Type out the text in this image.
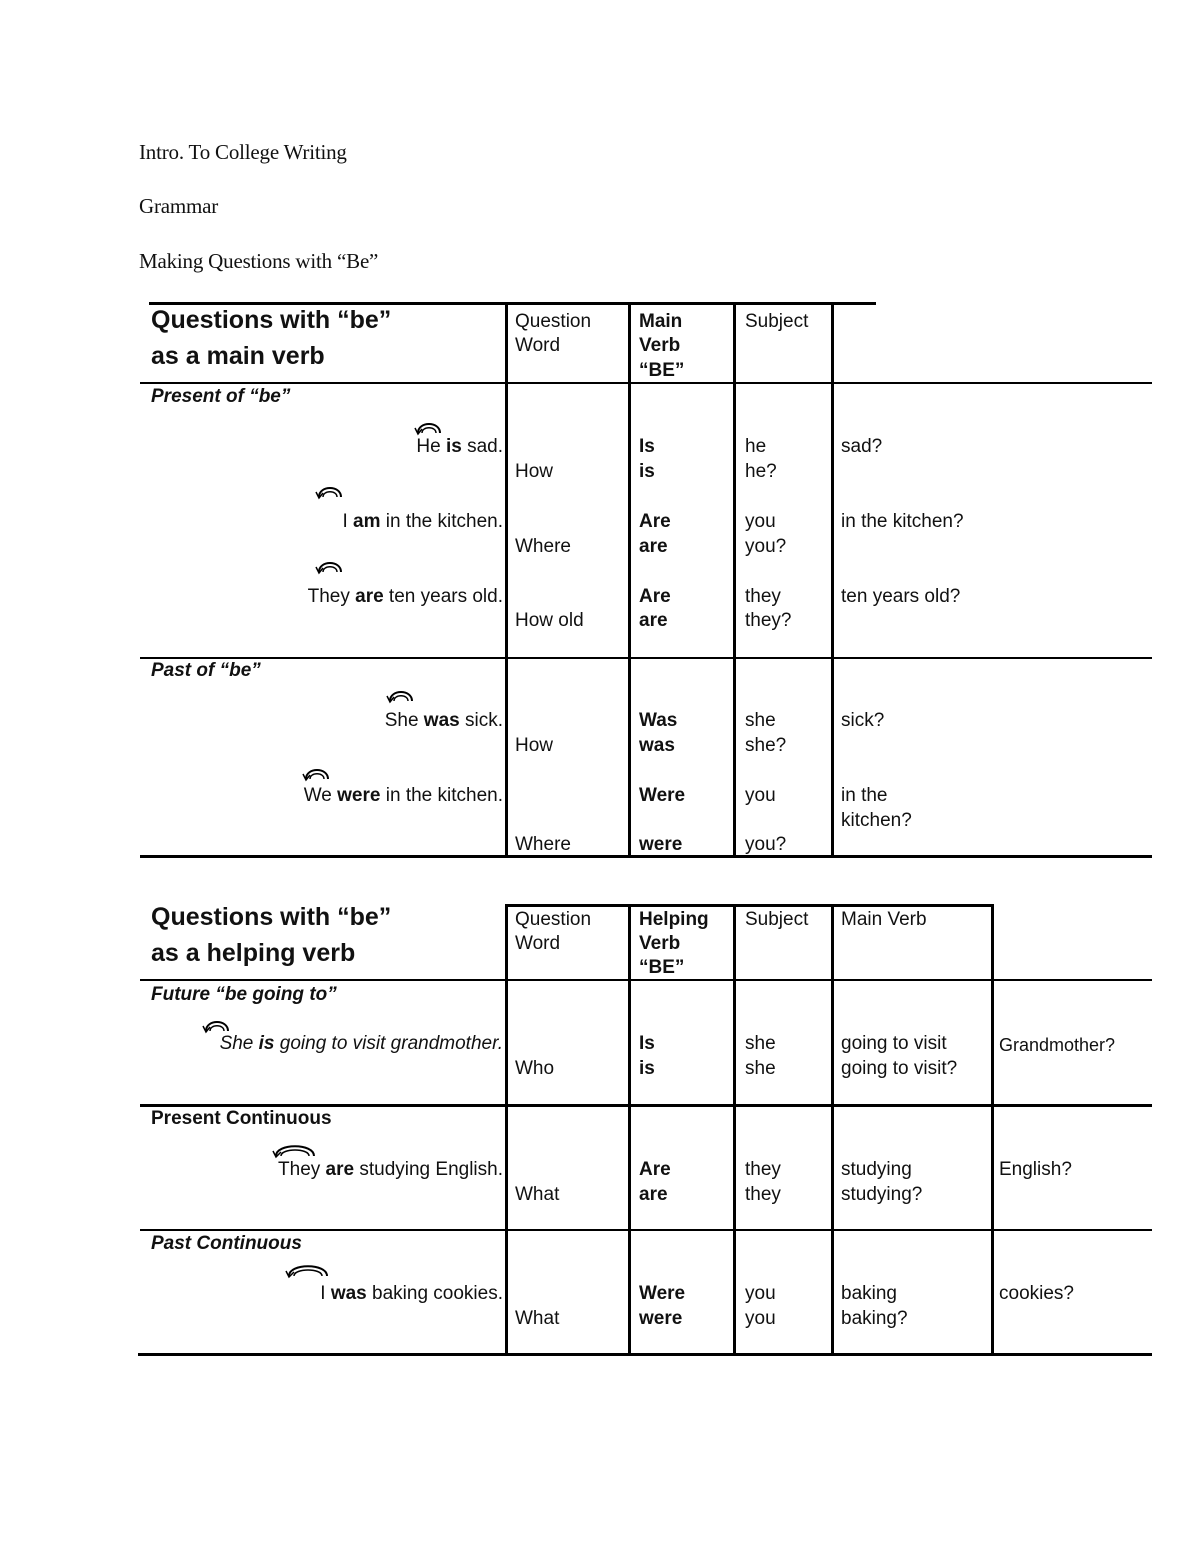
Intro. To College Writing
Grammar
Making Questions with “Be”
Questions with “be”
as a main verb
Question
Word
Main
Verb
“BE”
Subject
Present of “be”
He is sad.
How
Is
is
he
he?
sad?
I am in the kitchen.
Where
Are
are
you
you?
in the kitchen?
They are ten years old.
How old
Are
are
they
they?
ten years old?
Past of “be”
She was sick.
How
Was
was
she
she?
sick?
We were in the kitchen.
Where
Were
were
you
you?
in the
kitchen?
Questions with “be”
as a helping verb
Question
Word
Helping
Verb
“BE”
Subject Main Verb
Future “be going to”
She is going to visit grandmother.
Who
Is
is
she
she
going to visit
going to visit?
Grandmother?
Present Continuous
They are studying English.
What
Are
are
they
they
studying
studying?
English?
Past Continuous
I was baking cookies.
What
Were
were
you
you
baking
baking?
cookies?
